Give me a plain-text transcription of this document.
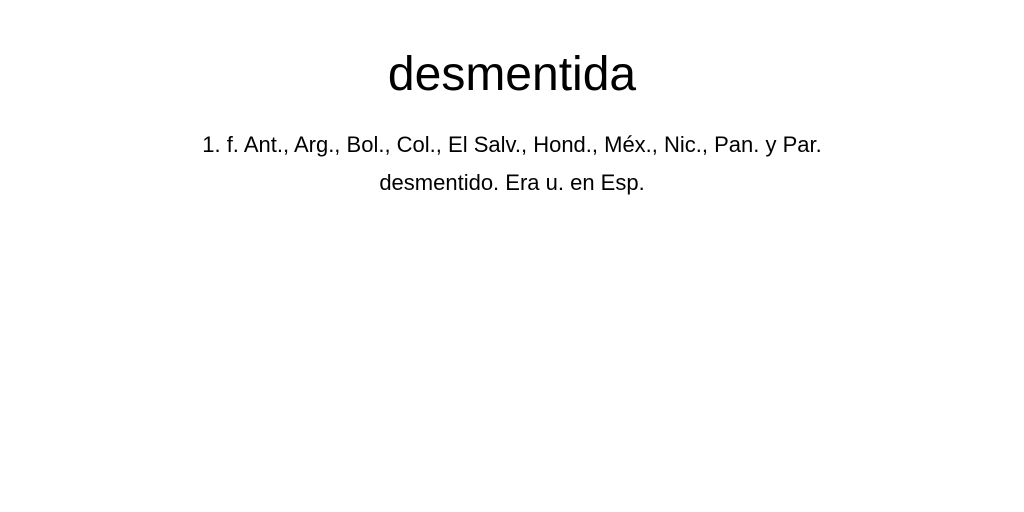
desmentida
1. f. Ant., Arg., Bol., Col., El Salv., Hond., Méx., Nic., Pan. y Par.
desmentido. Era u. en Esp.
